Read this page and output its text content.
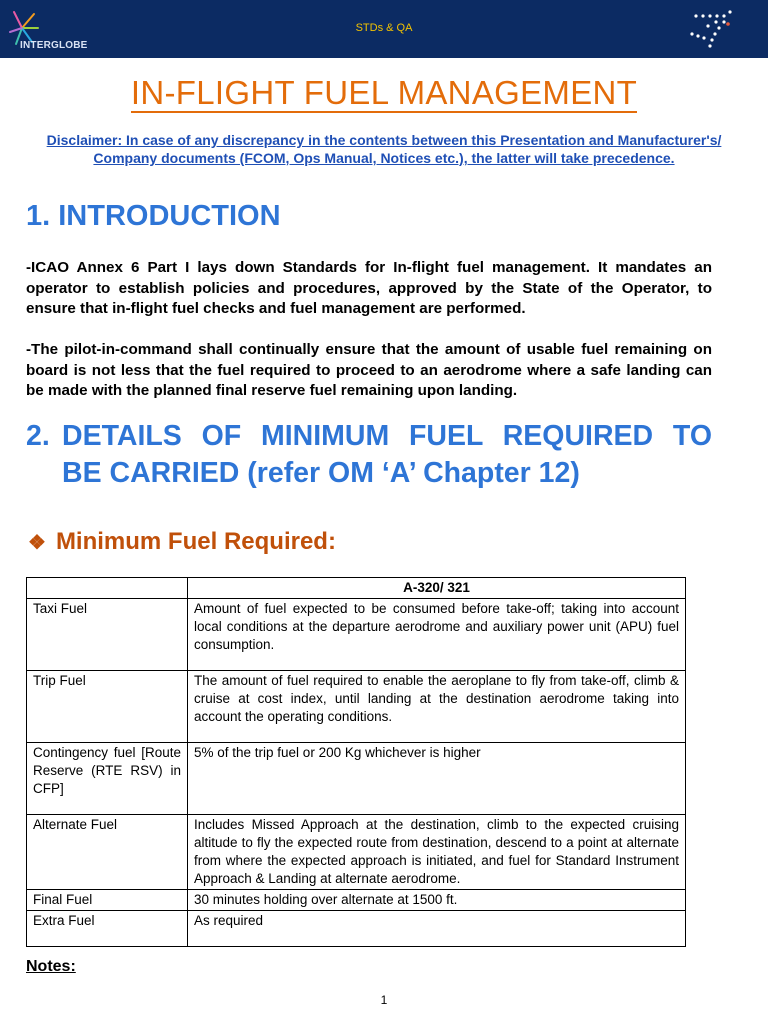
INTERGLOBE
STDs & QA
IN-FLIGHT FUEL MANAGEMENT
Disclaimer: In case of any discrepancy in the contents between this Presentation and Manufacturer's/ Company documents (FCOM, Ops Manual, Notices etc.), the latter will take precedence.
1. INTRODUCTION
-ICAO Annex 6 Part I lays down Standards for In-flight fuel management. It mandates an operator to establish policies and procedures, approved by the State of the Operator, to ensure that in-flight fuel checks and fuel management are performed.
-The pilot-in-command shall continually ensure that the amount of usable fuel remaining on board is not less that the fuel required to proceed to an aerodrome where a safe landing can be made with the planned final reserve fuel remaining upon landing.
2. DETAILS OF MINIMUM FUEL REQUIRED TO
BE CARRIED (refer OM ‘A’ Chapter 12)
❖ Minimum Fuel Required:
	A-320/ 321
Taxi Fuel	Amount of fuel expected to be consumed before take-off; taking into account local conditions at the departure aerodrome and auxiliary power unit (APU) fuel consumption.
Trip Fuel	The amount of fuel required to enable the aeroplane to fly from take-off, climb & cruise at cost index, until landing at the destination aerodrome taking into account the operating conditions.
Contingency fuel [Route Reserve (RTE RSV) in CFP]	5% of the trip fuel or 200 Kg whichever is higher
Alternate Fuel	Includes Missed Approach at the destination, climb to the expected cruising altitude to fly the expected route from destination, descend to a point at alternate from where the expected approach is initiated, and fuel for Standard Instrument Approach & Landing at alternate aerodrome.
Final Fuel	30 minutes holding over alternate at 1500 ft.
Extra Fuel	As required
Notes:
1
